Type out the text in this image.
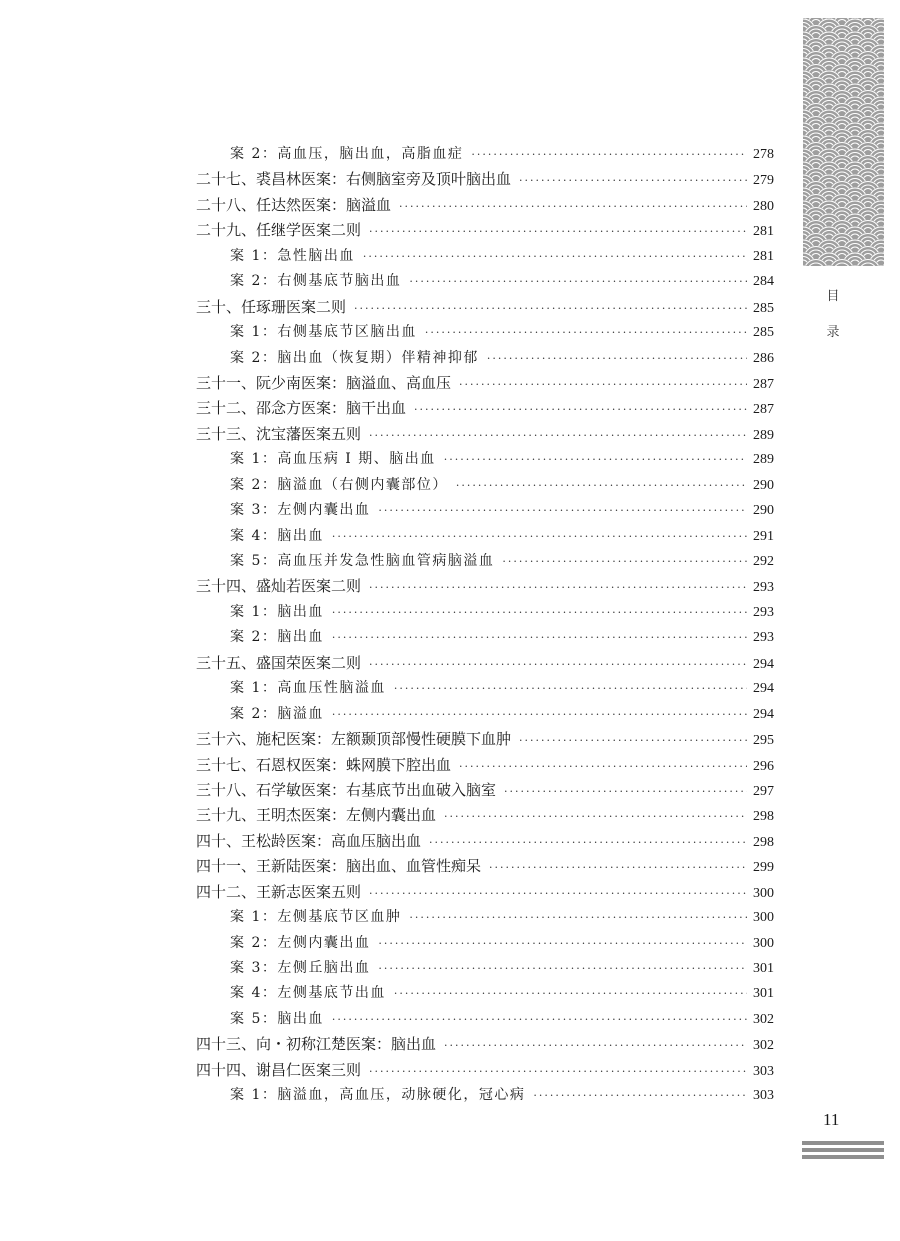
目
录
案 2：高血压，脑出血，高脂血症 ·····	278
二十七、裘昌林医案：右侧脑室旁及顶叶脑出血 ·····	279
二十八、任达然医案：脑溢血 ·····	280
二十九、任继学医案二则 ·····	281
案 1：急性脑出血 ·····	281
案 2：右侧基底节脑出血 ·····	284
三十、任琢珊医案二则 ·····	285
案 1：右侧基底节区脑出血 ·····	285
案 2：脑出血（恢复期）伴精神抑郁 ·····	286
三十一、阮少南医案：脑溢血、高血压 ·····	287
三十二、邵念方医案：脑干出血 ·····	287
三十三、沈宝藩医案五则 ·····	289
案 1：高血压病 Ⅰ 期、脑出血 ·····	289
案 2：脑溢血（右侧内囊部位） ·····	290
案 3：左侧内囊出血 ·····	290
案 4：脑出血 ·····	291
案 5：高血压并发急性脑血管病脑溢血 ·····	292
三十四、盛灿若医案二则 ·····	293
案 1：脑出血 ·····	293
案 2：脑出血 ·····	293
三十五、盛国荣医案二则 ·····	294
案 1：高血压性脑溢血 ·····	294
案 2：脑溢血 ·····	294
三十六、施杞医案：左额颞顶部慢性硬膜下血肿 ·····	295
三十七、石恩权医案：蛛网膜下腔出血 ·····	296
三十八、石学敏医案：右基底节出血破入脑室 ·····	297
三十九、王明杰医案：左侧内囊出血 ·····	298
四十、王松龄医案：高血压脑出血 ·····	298
四十一、王新陆医案：脑出血、血管性痴呆 ·····	299
四十二、王新志医案五则 ·····	300
案 1：左侧基底节区血肿 ·····	300
案 2：左侧内囊出血 ·····	300
案 3：左侧丘脑出血 ·····	301
案 4：左侧基底节出血 ·····	301
案 5：脑出血 ·····	302
四十三、向・初称江楚医案：脑出血 ·····	302
四十四、谢昌仁医案三则 ·····	303
案 1：脑溢血，高血压，动脉硬化，冠心病 ·····	303
11
